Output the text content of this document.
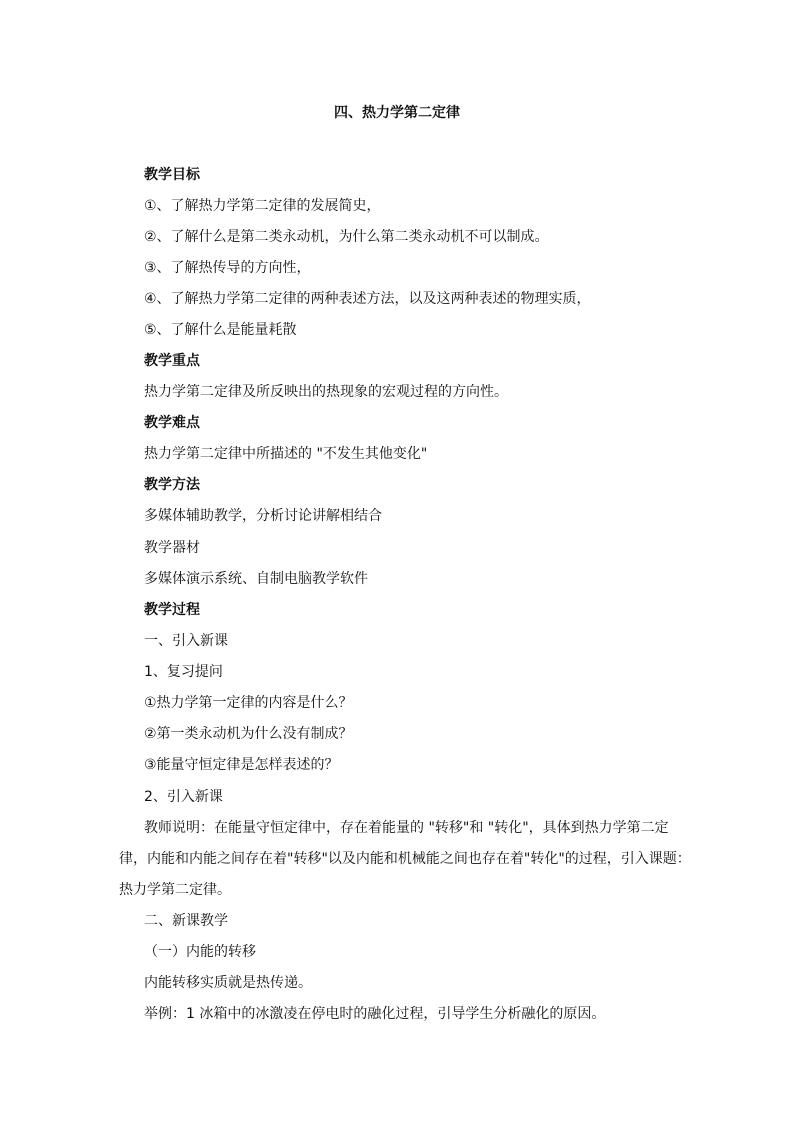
四、热力学第二定律
教学目标
①、了解热力学第二定律的发展简史，
②、了解什么是第二类永动机，为什么第二类永动机不可以制成。
③、了解热传导的方向性，
④、了解热力学第二定律的两种表述方法，以及这两种表述的物理实质，
⑤、了解什么是能量耗散
教学重点
热力学第二定律及所反映出的热现象的宏观过程的方向性。
教学难点
热力学第二定律中所描述的 "不发生其他变化"
教学方法
多媒体辅助教学，分析讨论讲解相结合
教学器材
多媒体演示系统、自制电脑教学软件
教学过程
一、引入新课
1、复习提问
①热力学第一定律的内容是什么？
②第一类永动机为什么没有制成？
③能量守恒定律是怎样表述的？
2、引入新课
教师说明：在能量守恒定律中，存在着能量的 "转移"和 "转化"，具体到热力学第二定
律，内能和内能之间存在着"转移"以及内能和机械能之间也存在着"转化"的过程，引入课题：
热力学第二定律。
二、新课教学
（一）内能的转移
内能转移实质就是热传递。
举例：1 冰箱中的冰激凌在停电时的融化过程，引导学生分析融化的原因。
